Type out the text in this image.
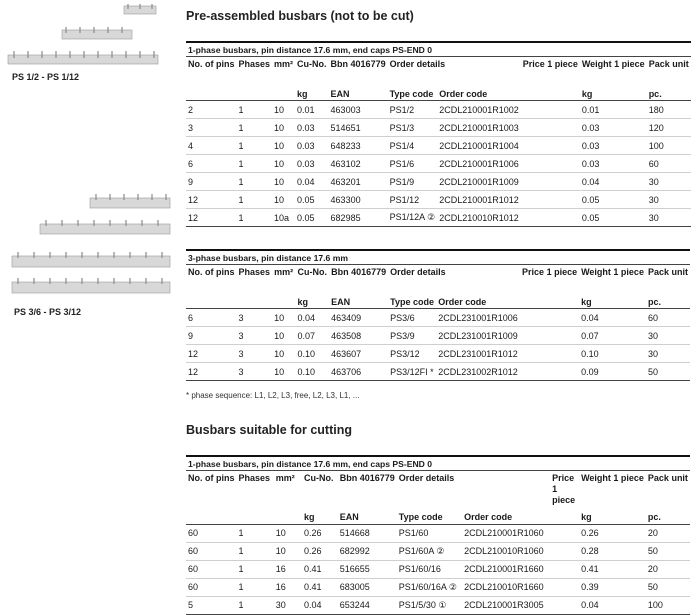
Pre-assembled busbars (not to be cut)
PS 1/2 - PS 1/12
PS 3/6 - PS 3/12
1-phase busbars, pin distance 17.6 mm, end caps PS-END 0									
No. of pins	Phases	mm²	Cu-No.	Bbn 4016779	Order details		Price 1 piece	Weight 1 piece	Pack unit
			kg	EAN	Type code	Order code		kg	pc.
2	1	10	0.01	463003	PS1/2	2CDL210001R1002		0.01	180
3	1	10	0.03	514651	PS1/3	2CDL210001R1003		0.03	120
4	1	10	0.03	648233	PS1/4	2CDL210001R1004		0.03	100
6	1	10	0.03	463102	PS1/6	2CDL210001R1006		0.03	60
9	1	10	0.04	463201	PS1/9	2CDL210001R1009		0.04	30
12	1	10	0.05	463300	PS1/12	2CDL210001R1012		0.05	30
12	1	10a	0.05	682985	PS1/12A ②	2CDL210010R1012		0.05	30
3-phase busbars, pin distance 17.6 mm									
No. of pins	Phases	mm²	Cu-No.	Bbn 4016779	Order details		Price 1 piece	Weight 1 piece	Pack unit
			kg	EAN	Type code	Order code		kg	pc.
6	3	10	0.04	463409	PS3/6	2CDL231001R1006		0.04	60
9	3	10	0.07	463508	PS3/9	2CDL231001R1009		0.07	30
12	3	10	0.10	463607	PS3/12	2CDL231001R1012		0.10	30
12	3	10	0.10	463706	PS3/12FI *	2CDL231002R1012		0.09	50
* phase sequence: L1, L2, L3, free, L2, L3, L1, ...
Busbars suitable for cutting
1-phase busbars, pin distance 17.6 mm, end caps PS-END 0									
No. of pins	Phases	mm²	Cu-No.	Bbn 4016779	Order details		Price 1 piece	Weight 1 piece	Pack unit
			kg	EAN	Type code	Order code		kg	pc.
60	1	10	0.26	514668	PS1/60	2CDL210001R1060		0.26	20
60	1	10	0.26	682992	PS1/60A ②	2CDL210010R1060		0.28	50
60	1	16	0.41	516655	PS1/60/16	2CDL210001R1660		0.41	20
60	1	16	0.41	683005	PS1/60/16A ②	2CDL210010R1660		0.39	50
5	1	30	0.04	653244	PS1/5/30 ①	2CDL210001R3005		0.04	100
